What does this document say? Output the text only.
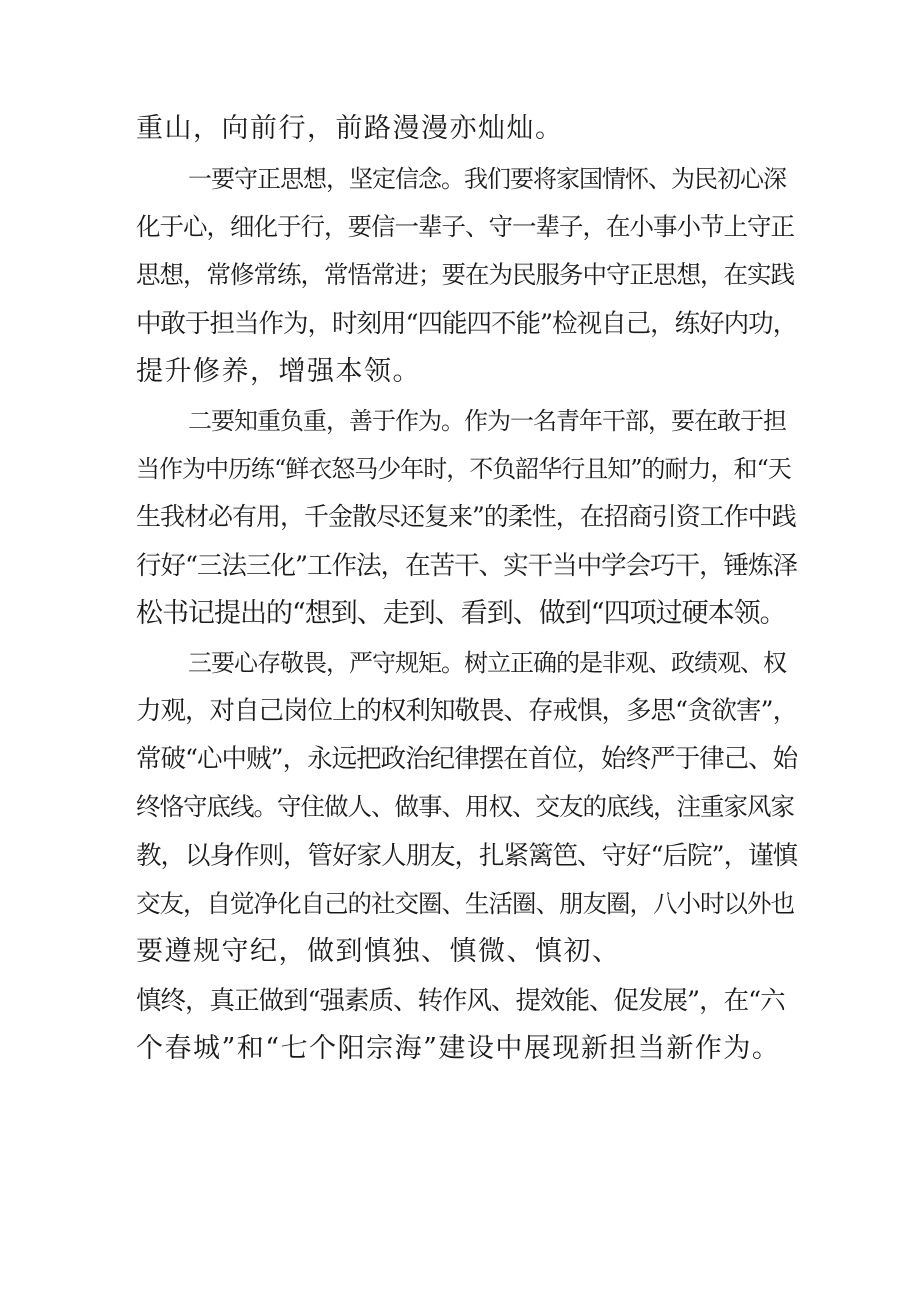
重山，向前行，前路漫漫亦灿灿。
一要守正思想，坚定信念。我们要将家国情怀、为民初心深
化于心，细化于行，要信一辈子、守一辈子，在小事小节上守正
思想，常修常练，常悟常进；要在为民服务中守正思想，在实践
中敢于担当作为，时刻用“四能四不能”检视自己，练好内功，
提升修养，增强本领。
二要知重负重，善于作为。作为一名青年干部，要在敢于担
当作为中历练“鲜衣怒马少年时，不负韶华行且知”的耐力，和“天
生我材必有用，千金散尽还复来”的柔性，在招商引资工作中践
行好“三法三化”工作法，在苦干、实干当中学会巧干，锤炼泽
松书记提出的“想到、走到、看到、做到“四项过硬本领。
三要心存敬畏，严守规矩。树立正确的是非观、政绩观、权
力观，对自己岗位上的权利知敬畏、存戒惧，多思“贪欲害”，
常破“心中贼”，永远把政治纪律摆在首位，始终严于律己、始
终恪守底线。守住做人、做事、用权、交友的底线，注重家风家
教，以身作则，管好家人朋友，扎紧篱笆、守好“后院”，谨慎
交友，自觉净化自己的社交圈、生活圈、朋友圈，八小时以外也
要遵规守纪，做到慎独、慎微、慎初、
慎终，真正做到“强素质、转作风、提效能、促发展”，在“六
个春城”和“七个阳宗海”建设中展现新担当新作为。
